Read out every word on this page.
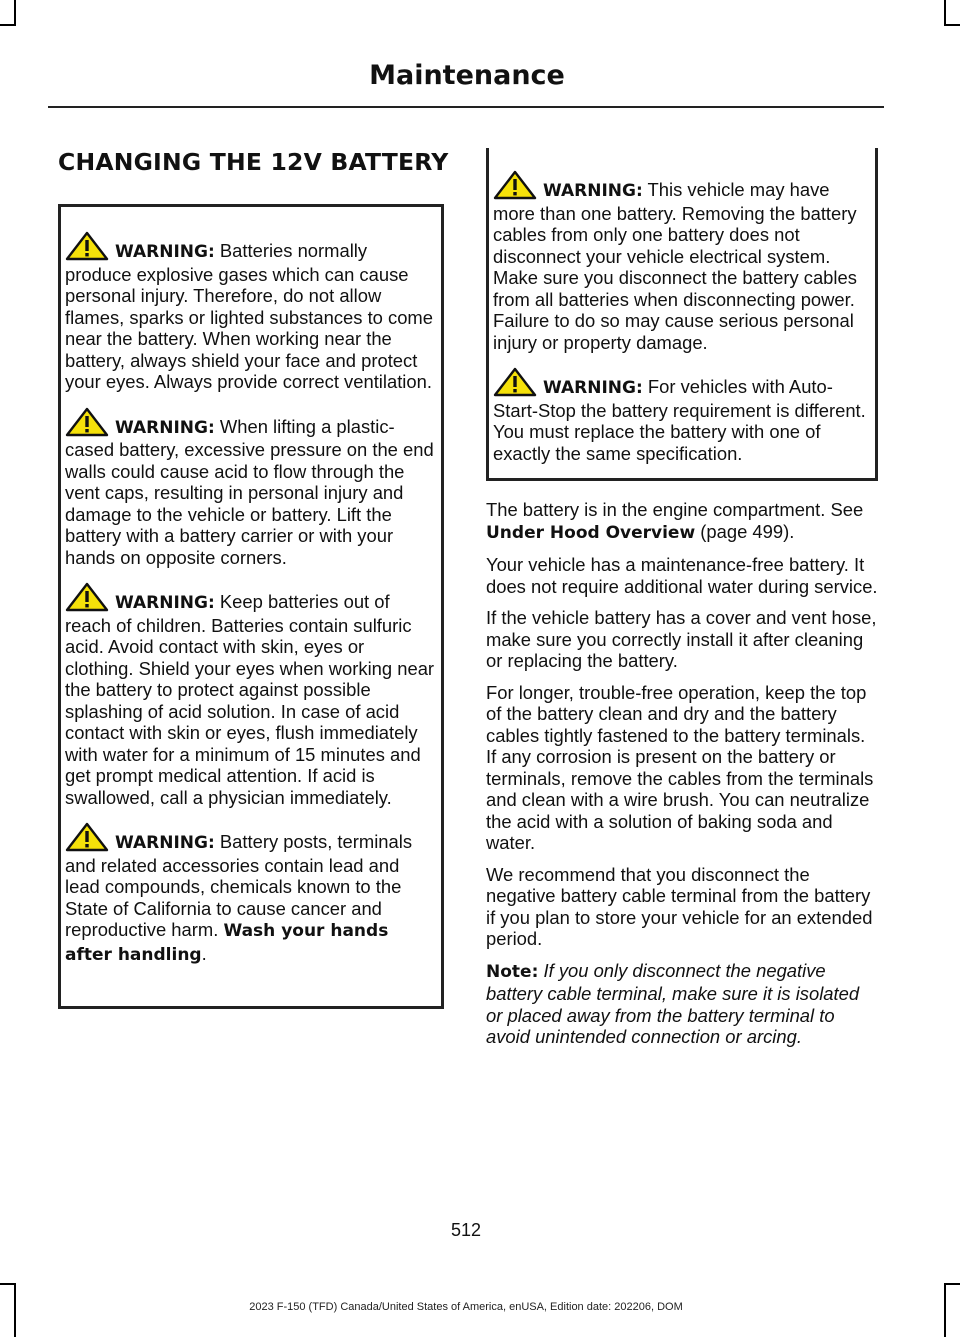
Maintenance
CHANGING THE 12V BATTERY

WARNING: Batteries normally produce explosive gases which can cause personal injury. Therefore, do not allow flames, sparks or lighted substances to come near the battery. When working near the battery, always shield your face and protect your eyes. Always provide correct ventilation.

WARNING: When lifting a plastic-cased battery, excessive pressure on the end walls could cause acid to flow through the vent caps, resulting in personal injury and damage to the vehicle or battery. Lift the battery with a battery carrier or with your hands on opposite corners.

WARNING: Keep batteries out of reach of children. Batteries contain sulfuric acid. Avoid contact with skin, eyes or clothing. Shield your eyes when working near the battery to protect against possible splashing of acid solution. In case of acid contact with skin or eyes, flush immediately with water for a minimum of 15 minutes and get prompt medical attention. If acid is swallowed, call a physician immediately.

WARNING: Battery posts, terminals and related accessories contain lead and lead compounds, chemicals known to the State of California to cause cancer and reproductive harm. Wash your hands after handling.

WARNING: This vehicle may have more than one battery. Removing the battery cables from only one battery does not disconnect your vehicle electrical system. Make sure you disconnect the battery cables from all batteries when disconnecting power. Failure to do so may cause serious personal injury or property damage.

WARNING: For vehicles with Auto-Start-Stop the battery requirement is different. You must replace the battery with one of exactly the same specification.

The battery is in the engine compartment. See Under Hood Overview (page 499).

Your vehicle has a maintenance-free battery. It does not require additional water during service.

If the vehicle battery has a cover and vent hose, make sure you correctly install it after cleaning or replacing the battery.

For longer, trouble-free operation, keep the top of the battery clean and dry and the battery cables tightly fastened to the battery terminals. If any corrosion is present on the battery or terminals, remove the cables from the terminals and clean with a wire brush. You can neutralize the acid with a solution of baking soda and water.

We recommend that you disconnect the negative battery cable terminal from the battery if you plan to store your vehicle for an extended period.

Note: If you only disconnect the negative battery cable terminal, make sure it is isolated or placed away from the battery terminal to avoid unintended connection or arcing.

512
2023 F-150 (TFD) Canada/United States of America, enUSA, Edition date: 202206, DOM
